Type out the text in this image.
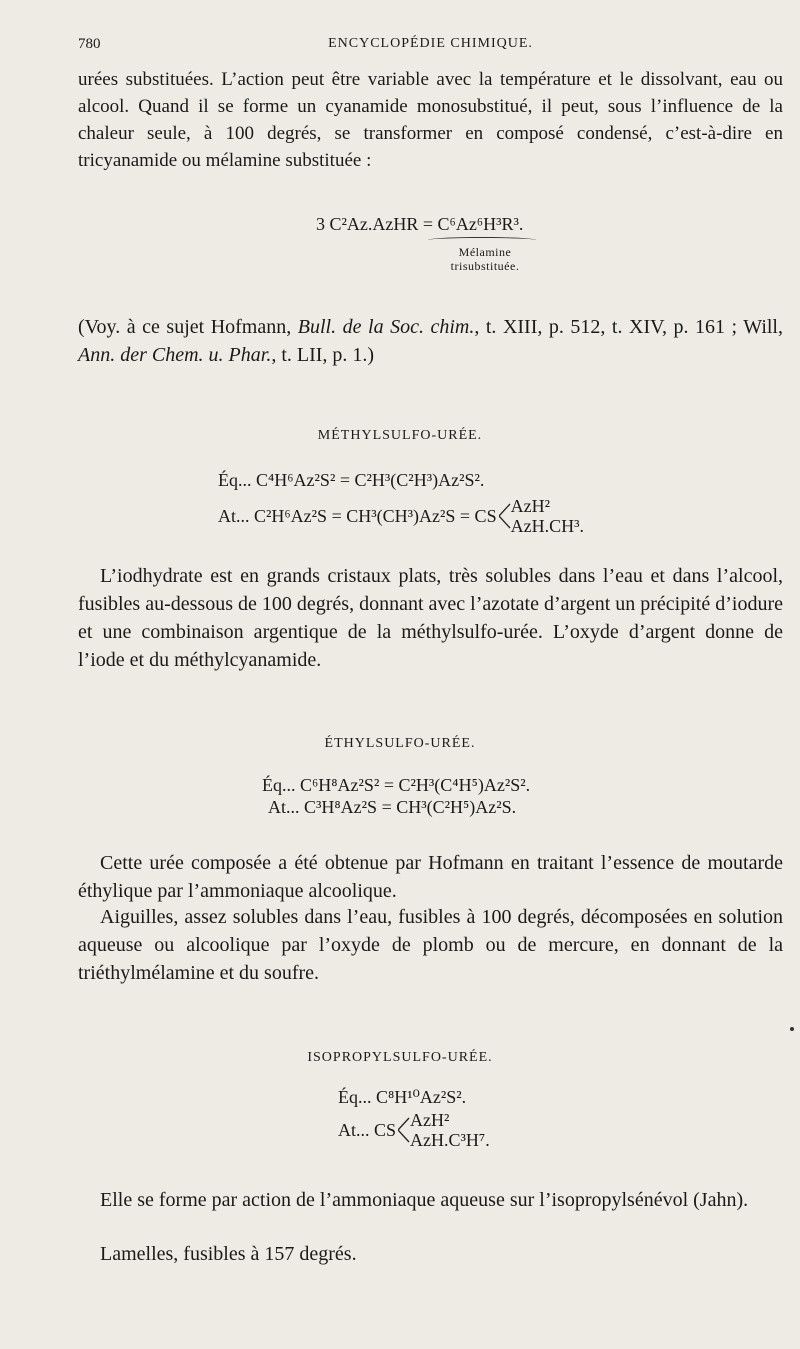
780	ENCYCLOPÉDIE CHIMIQUE.
urées substituées. L’action peut être variable avec la température et le dissolvant, eau ou alcool. Quand il se forme un cyanamide monosubstitué, il peut, sous l’influence de la chaleur seule, à 100 degrés, se transformer en composé condensé, c’est-à-dire en tricyanamide ou mélamine substituée :
3 C²Az.AzHR = C⁶Az⁶H³R³.
Mélamine
trisubstituée.
(Voy. à ce sujet Hofmann, Bull. de la Soc. chim., t. XIII, p. 512, t. XIV, p. 161 ; Will, Ann. der Chem. u. Phar., t. LII, p. 1.)
MÉTHYLSULFO-URÉE.
Éq... C⁴H⁶Az²S² = C²H³(C²H³)Az²S².
At... C²H⁶Az²S = CH³(CH³)Az²S = CS AzH²
AzH.CH³.
L’iodhydrate est en grands cristaux plats, très solubles dans l’eau et dans l’alcool, fusibles au-dessous de 100 degrés, donnant avec l’azotate d’argent un précipité d’iodure et une combinaison argentique de la méthylsulfo-urée. L’oxyde d’argent donne de l’iode et du méthylcyanamide.
ÉTHYLSULFO-URÉE.
Éq... C⁶H⁸Az²S² = C²H³(C⁴H⁵)Az²S².
At... C³H⁸Az²S = CH³(C²H⁵)Az²S.
Cette urée composée a été obtenue par Hofmann en traitant l’essence de moutarde éthylique par l’ammoniaque alcoolique.
Aiguilles, assez solubles dans l’eau, fusibles à 100 degrés, décomposées en solution aqueuse ou alcoolique par l’oxyde de plomb ou de mercure, en donnant de la triéthylmélamine et du soufre.
ISOPROPYLSULFO-URÉE.
Éq... C⁸H¹⁰Az²S².
At... CS AzH²
AzH.C³H⁷.
Elle se forme par action de l’ammoniaque aqueuse sur l’isopropylsénévol (Jahn).
Lamelles, fusibles à 157 degrés.
